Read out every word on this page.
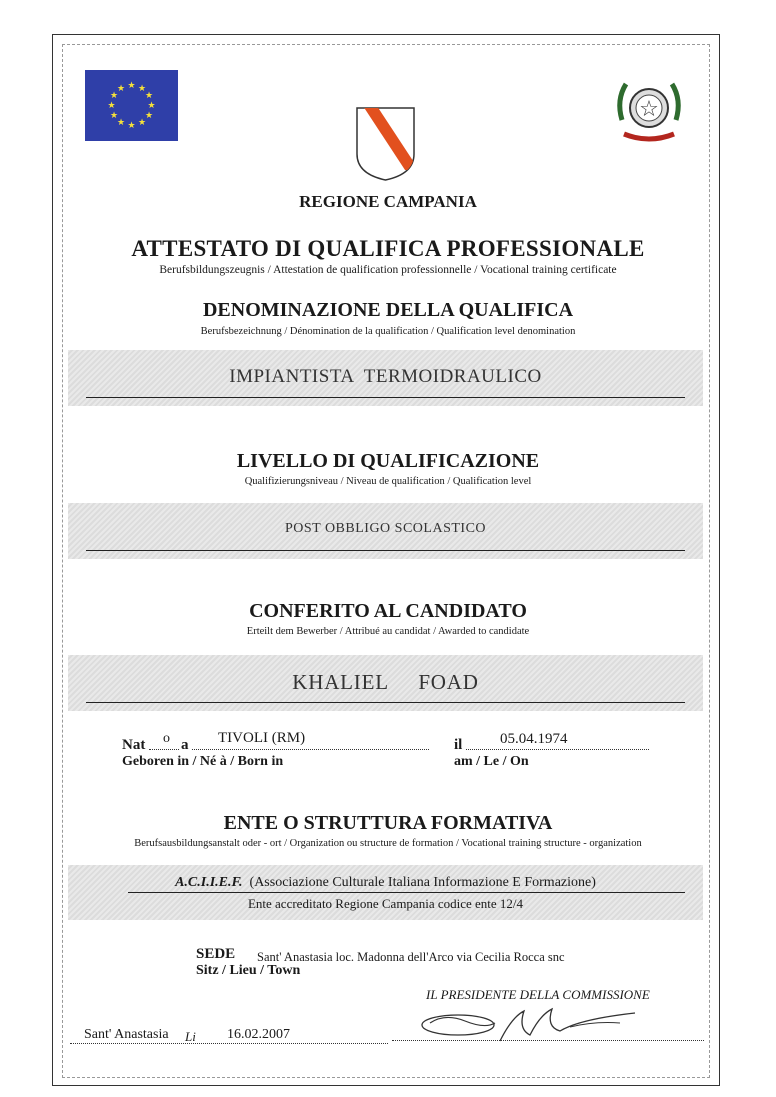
★ ★
★
★
★
★
★
★
★
★
★
★
☆
REGIONE CAMPANIA
ATTESTATO DI QUALIFICA PROFESSIONALE
Berufsbildungszeugnis / Attestation de qualification professionnelle / Vocational training certificate
DENOMINAZIONE DELLA QUALIFICA
Berufsbezeichnung / Dénomination de la qualification / Qualification level denomination
IMPIANTISTA  TERMOIDRAULICO
LIVELLO DI QUALIFICAZIONE
Qualifizierungsniveau / Niveau de qualification / Qualification level
POST OBBLIGO SCOLASTICO
CONFERITO AL CANDIDATO
Erteilt dem Bewerber / Attribué au candidat / Awarded to candidate
KHALIEL     FOAD
Nat o a TIVOLI (RM)
Geboren in / Né à / Born in
il	05.04.1974
am / Le / On
ENTE O STRUTTURA FORMATIVA
Berufsausbildungsanstalt oder - ort / Organization ou structure de formation / Vocational training structure - organization
A.C.I.I.E.F. (Associazione Culturale Italiana Informazione E Formazione)
Ente accreditato Regione Campania codice ente 12/4
SEDE Sant' Anastasia loc. Madonna dell'Arco via Cecilia Rocca snc
Sitz / Lieu / Town
IL PRESIDENTE DELLA COMMISSIONE
Sant' Anastasia Li 16.02.2007
